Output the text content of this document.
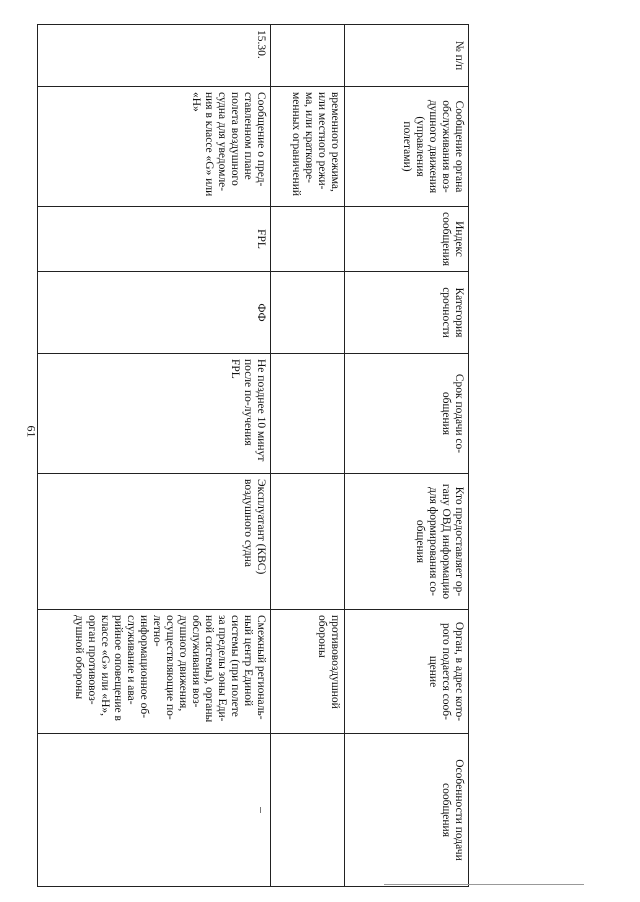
61
№ п/п	Сообщение органа обслуживания воз-душного движения (управления полетами)	Индекс сообщения	Категория срочности	Срок подачи со-общения	Кто предоставляет ор-гану ОВД информацию для формирования со-общения	Орган, в адрес кото-рого подается сооб-щение	Особенности подачи сообщения
	временного режима, или местного режи-ма, или кратковре-менных ограничений					противовоздушной обороны	
15.30.	Сообщение о пред-ставленном плане полета воздушного судна для уведомле-ния в классе «G» или «H»	FPL	ФФ	Не позднее 10 минут после по-лучения FPL	Эксплуатант (КВС) воздушного судна	Смежный региональ-ный центр Единой системы (при полете за пределы зоны Еди-ной системы), органы обслуживания воз-душного движения, осуществляющие по-летно-информационное об-служивание и ава-рийное оповещение в классе «G» или «H», орган противовоз-душной обороны	–
